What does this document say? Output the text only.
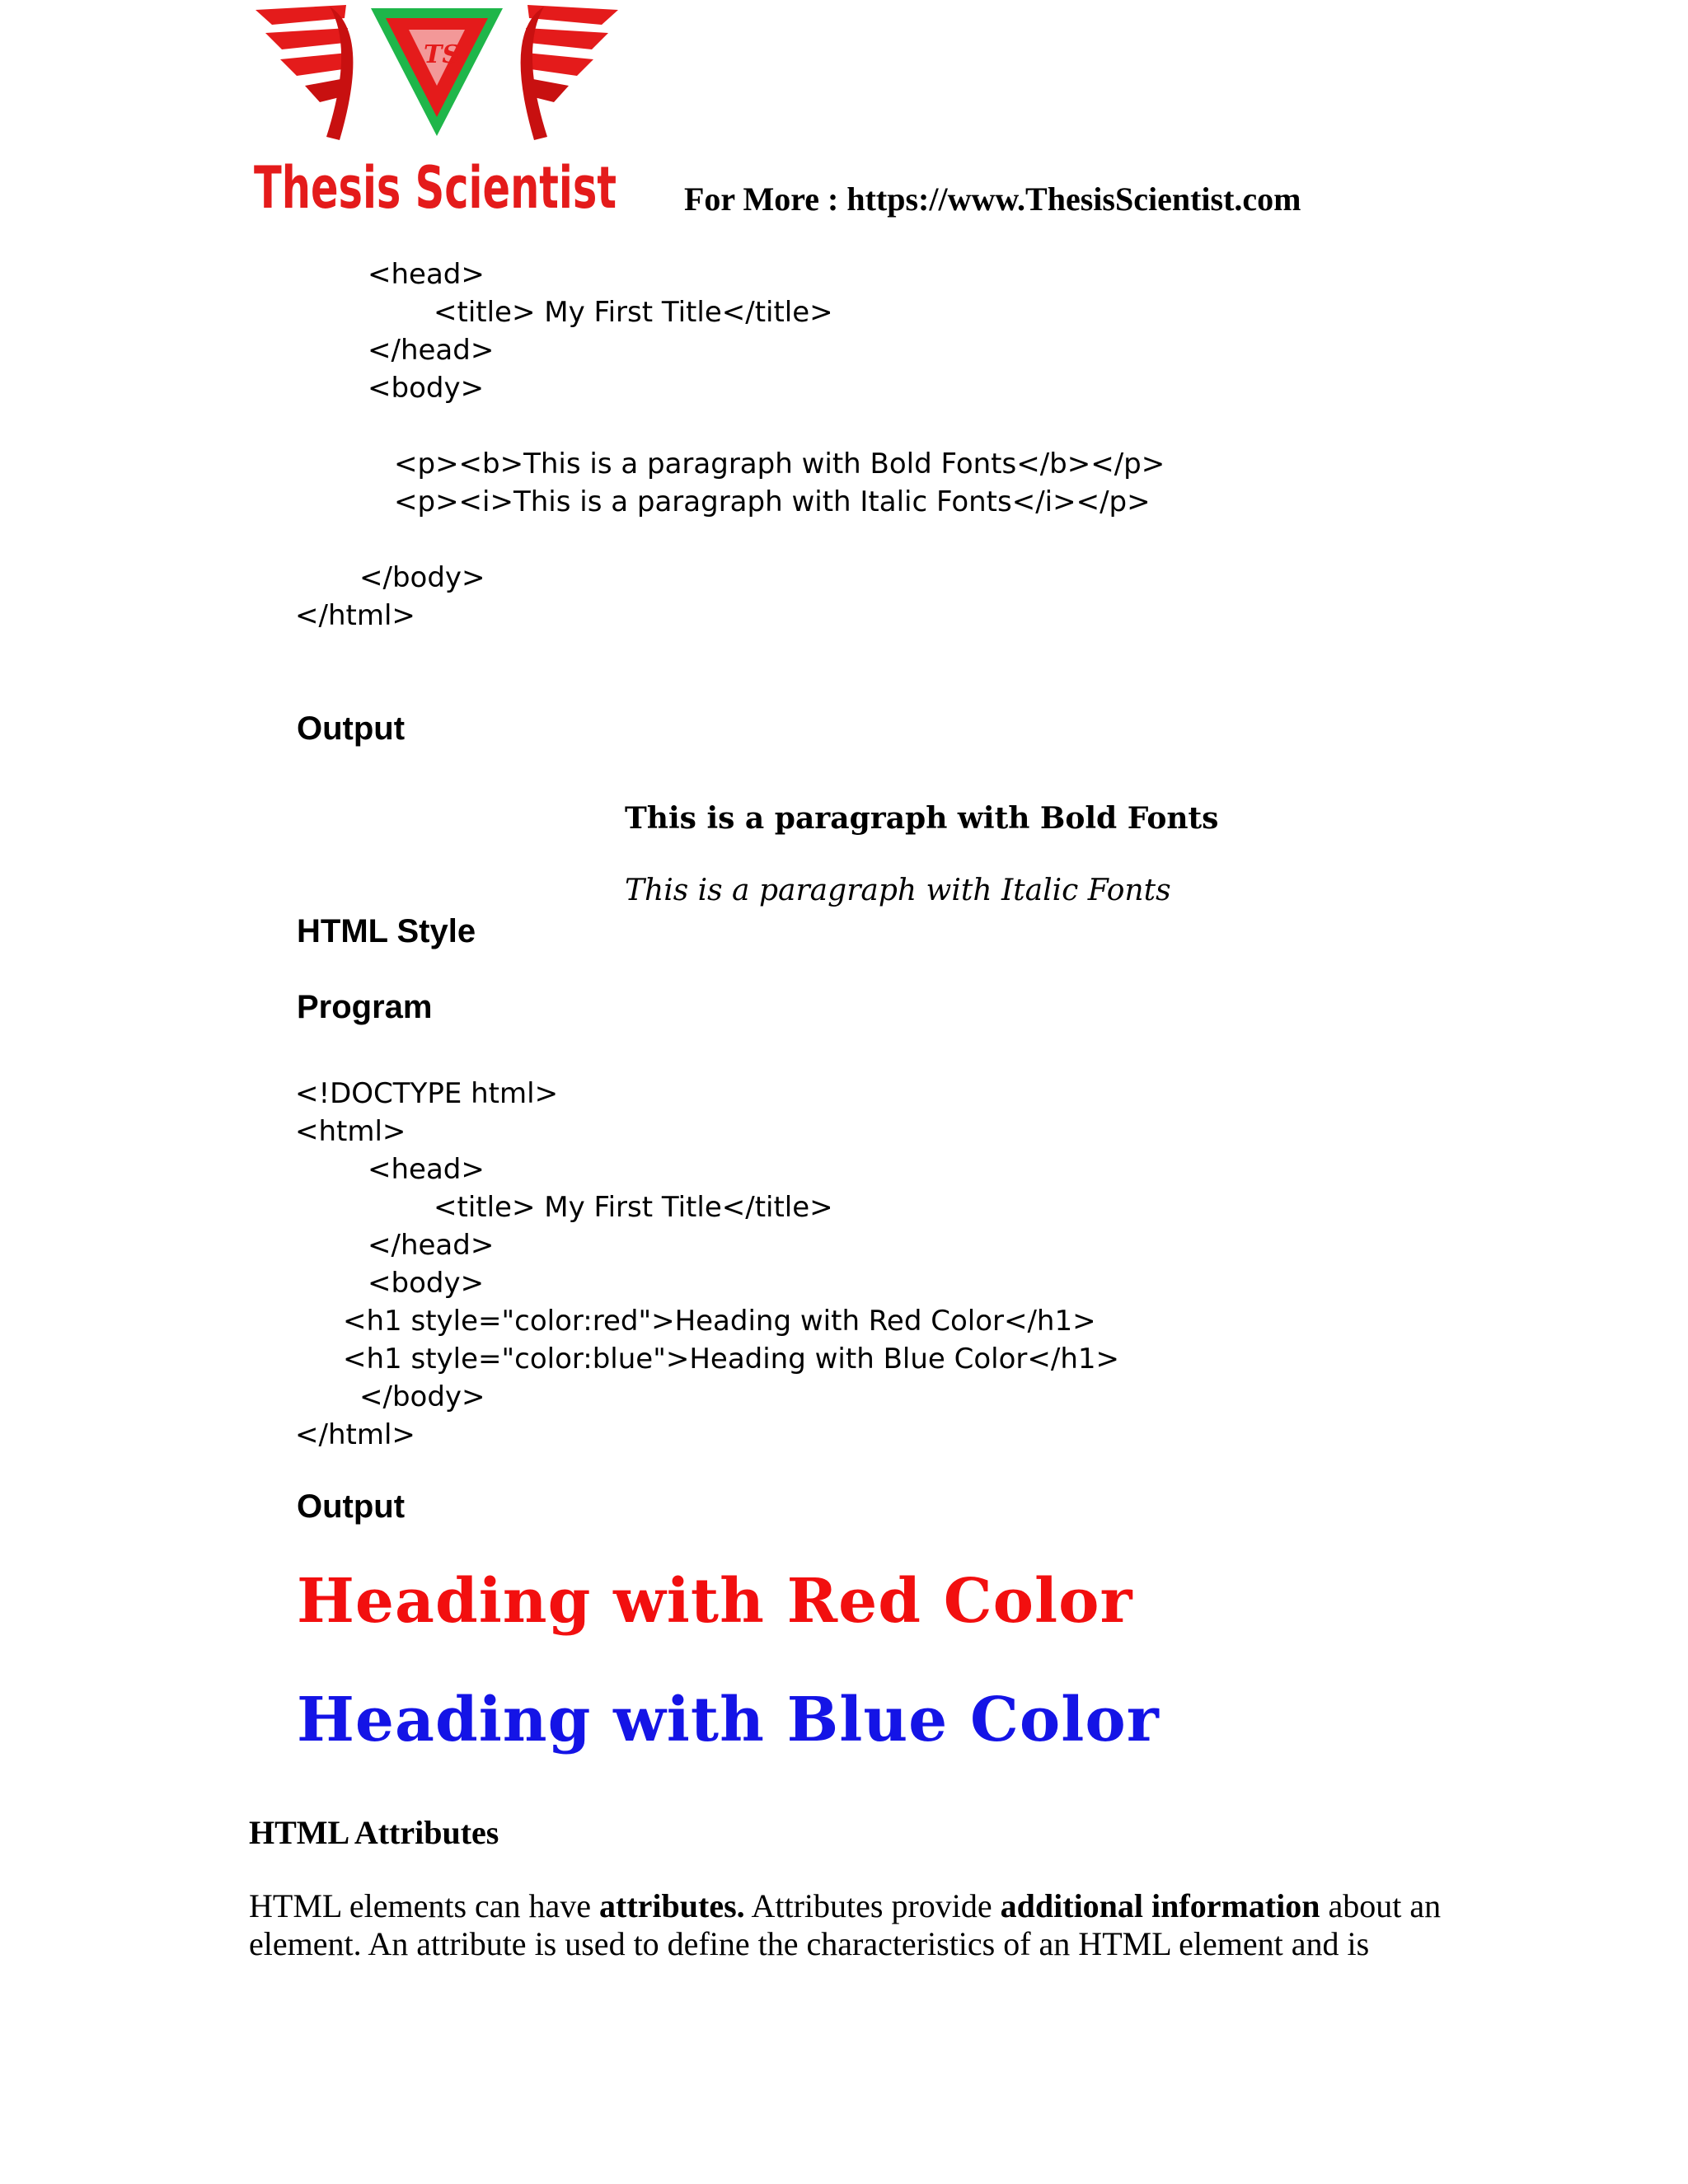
TS
Thesis Scientist For More : https://www.ThesisScientist.com
<head>
<title> My First Title</title>
</head>
<body>
<p><b>This is a paragraph with Bold Fonts</b></p>
<p><i>This is a paragraph with Italic Fonts</i></p>
</body>
</html>
Output
This is a paragraph with Bold Fonts
This is a paragraph with Italic Fonts
HTML Style
Program
<!DOCTYPE html>
<html>
<head>
<title> My First Title</title>
</head>
<body>
<h1 style="color:red">Heading with Red Color</h1>
<h1 style="color:blue">Heading with Blue Color</h1>
</body>
</html>
Output
Heading with Red Color
Heading with Blue Color
HTML Attributes
HTML elements can have attributes. Attributes provide additional information about an element. An attribute is used to define the characteristics of an HTML element and is
